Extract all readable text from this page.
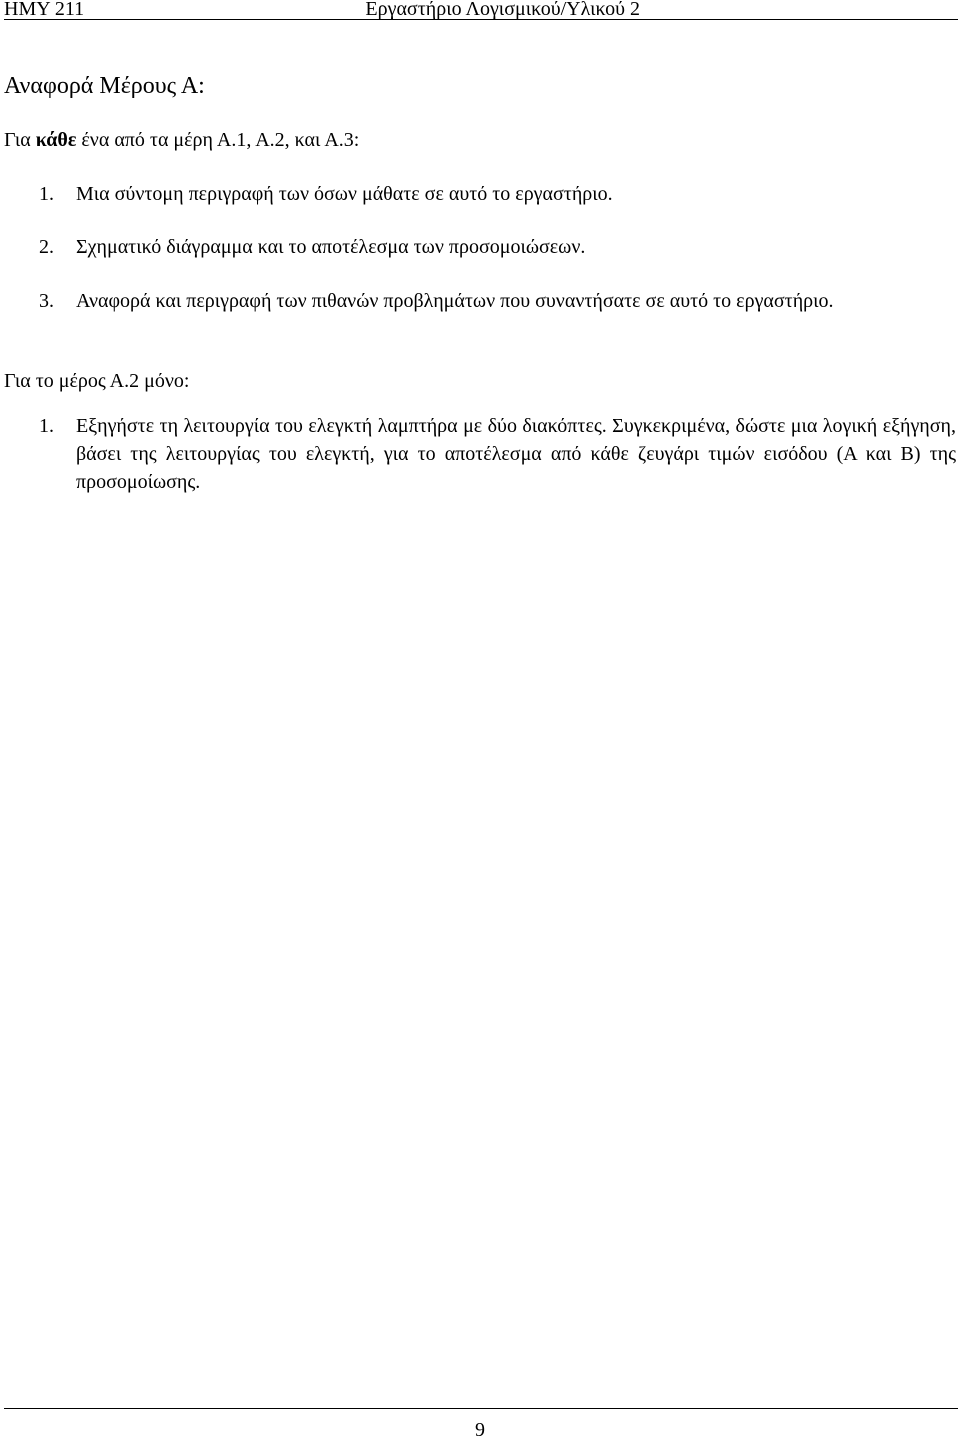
ΗΜΥ 211	Εργαστήριο Λογισμικού/Υλικού 2
Αναφορά Μέρους Α:
Για κάθε ένα από τα μέρη Α.1, Α.2, και Α.3:
1. Μια σύντομη περιγραφή των όσων μάθατε σε αυτό το εργαστήριο.
2. Σχηματικό διάγραμμα και το αποτέλεσμα των προσομοιώσεων.
3. Αναφορά και περιγραφή των πιθανών προβλημάτων που συναντήσατε σε αυτό το εργαστήριο.
Για το μέρος Α.2 μόνο:
1. Εξηγήστε τη λειτουργία του ελεγκτή λαμπτήρα με δύο διακόπτες. Συγκεκριμένα, δώστε μια λογική εξήγηση, βάσει της λειτουργίας του ελεγκτή, για το αποτέλεσμα από κάθε ζευγάρι τιμών εισόδου (Α και Β) της προσομοίωσης.
9
